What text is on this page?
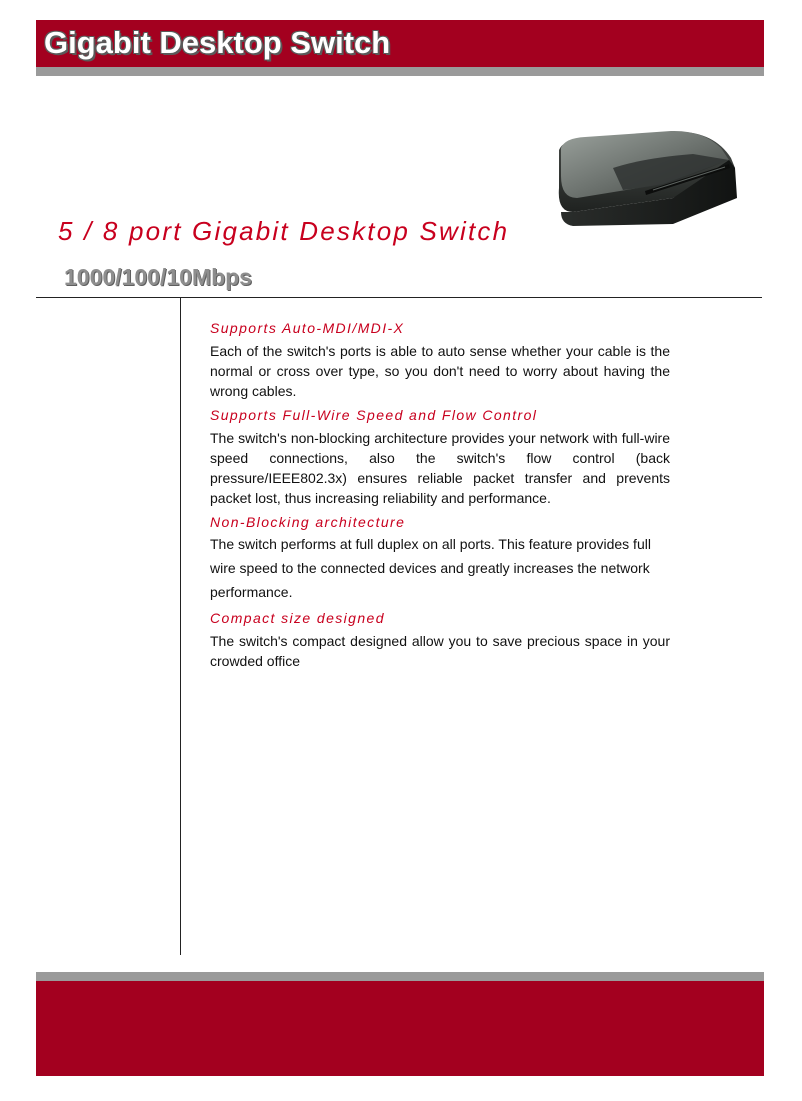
Gigabit Desktop Switch
5 / 8 port Gigabit Desktop Switch
1000/100/10Mbps
Supports Auto-MDI/MDI-X
Each of the switch's ports is able to auto sense whether your cable is the normal or cross over type, so you don't need to worry about having the wrong cables.
Supports Full-Wire Speed and Flow Control
The switch's non-blocking architecture provides your network with full-wire speed connections, also the switch's flow control (back pressure/IEEE802.3x) ensures reliable packet transfer and prevents packet lost, thus increasing reliability and performance.
Non-Blocking architecture
The switch performs at full duplex on all ports. This feature provides full wire speed to the connected devices and greatly increases the network performance.
Compact size designed
The switch's compact designed allow you to save precious space in your crowded office
